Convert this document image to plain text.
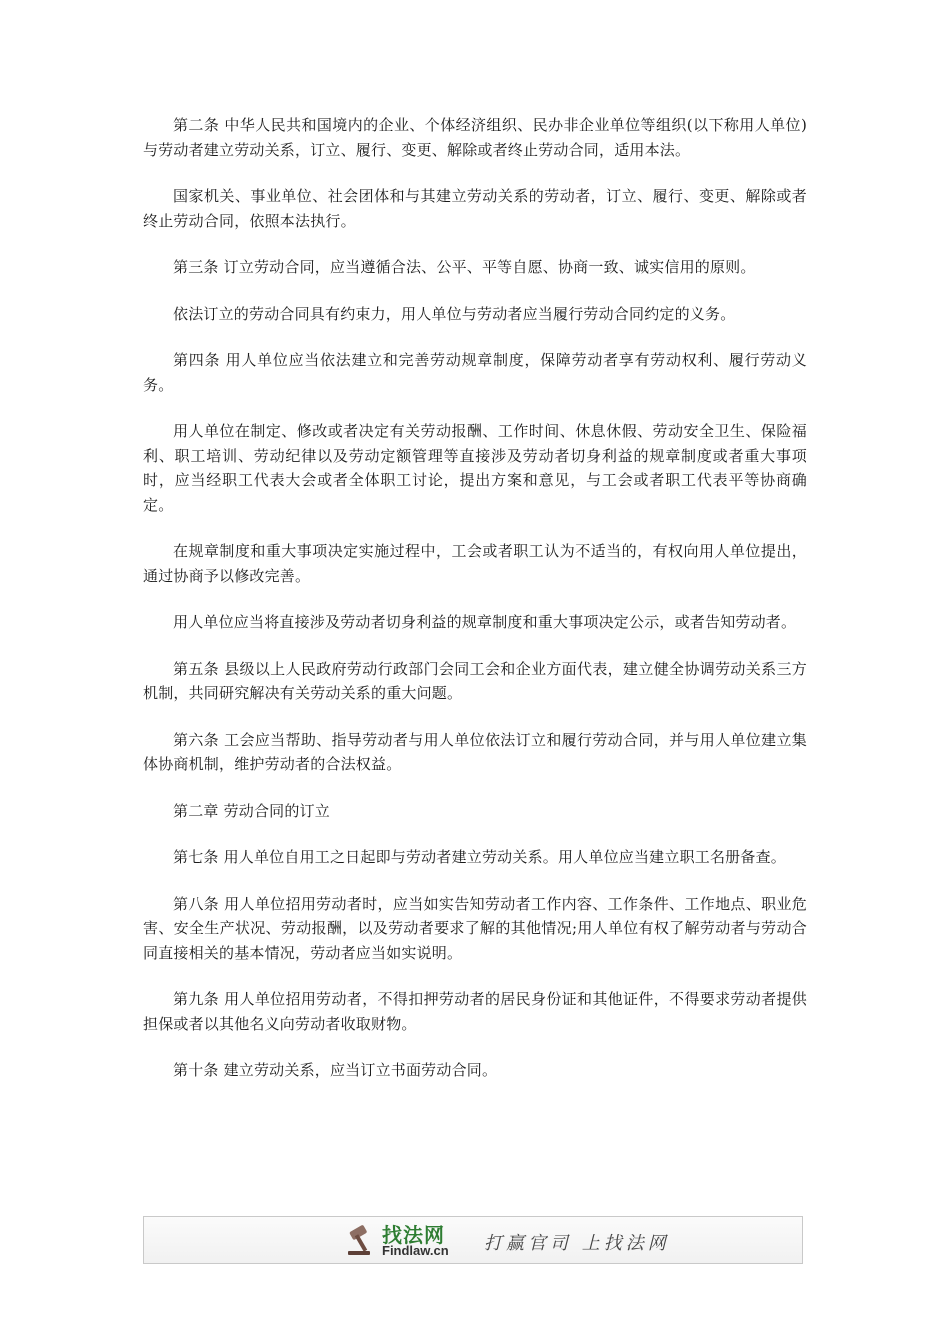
第二条 中华人民共和国境内的企业、个体经济组织、民办非企业单位等组织(以下称用人单位)与劳动者建立劳动关系，订立、履行、变更、解除或者终止劳动合同，适用本法。

国家机关、事业单位、社会团体和与其建立劳动关系的劳动者，订立、履行、变更、解除或者终止劳动合同，依照本法执行。

第三条 订立劳动合同，应当遵循合法、公平、平等自愿、协商一致、诚实信用的原则。

依法订立的劳动合同具有约束力，用人单位与劳动者应当履行劳动合同约定的义务。

第四条 用人单位应当依法建立和完善劳动规章制度，保障劳动者享有劳动权利、履行劳动义务。

用人单位在制定、修改或者决定有关劳动报酬、工作时间、休息休假、劳动安全卫生、保险福利、职工培训、劳动纪律以及劳动定额管理等直接涉及劳动者切身利益的规章制度或者重大事项时，应当经职工代表大会或者全体职工讨论，提出方案和意见，与工会或者职工代表平等协商确定。

在规章制度和重大事项决定实施过程中，工会或者职工认为不适当的，有权向用人单位提出，通过协商予以修改完善。

用人单位应当将直接涉及劳动者切身利益的规章制度和重大事项决定公示，或者告知劳动者。

第五条 县级以上人民政府劳动行政部门会同工会和企业方面代表，建立健全协调劳动关系三方机制，共同研究解决有关劳动关系的重大问题。

第六条 工会应当帮助、指导劳动者与用人单位依法订立和履行劳动合同，并与用人单位建立集体协商机制，维护劳动者的合法权益。

第二章 劳动合同的订立

第七条 用人单位自用工之日起即与劳动者建立劳动关系。用人单位应当建立职工名册备查。

第八条 用人单位招用劳动者时，应当如实告知劳动者工作内容、工作条件、工作地点、职业危害、安全生产状况、劳动报酬，以及劳动者要求了解的其他情况;用人单位有权了解劳动者与劳动合同直接相关的基本情况，劳动者应当如实说明。

第九条 用人单位招用劳动者，不得扣押劳动者的居民身份证和其他证件，不得要求劳动者提供担保或者以其他名义向劳动者收取财物。

第十条 建立劳动关系，应当订立书面劳动合同。

找法网
Findlaw.cn 打赢官司 上找法网
